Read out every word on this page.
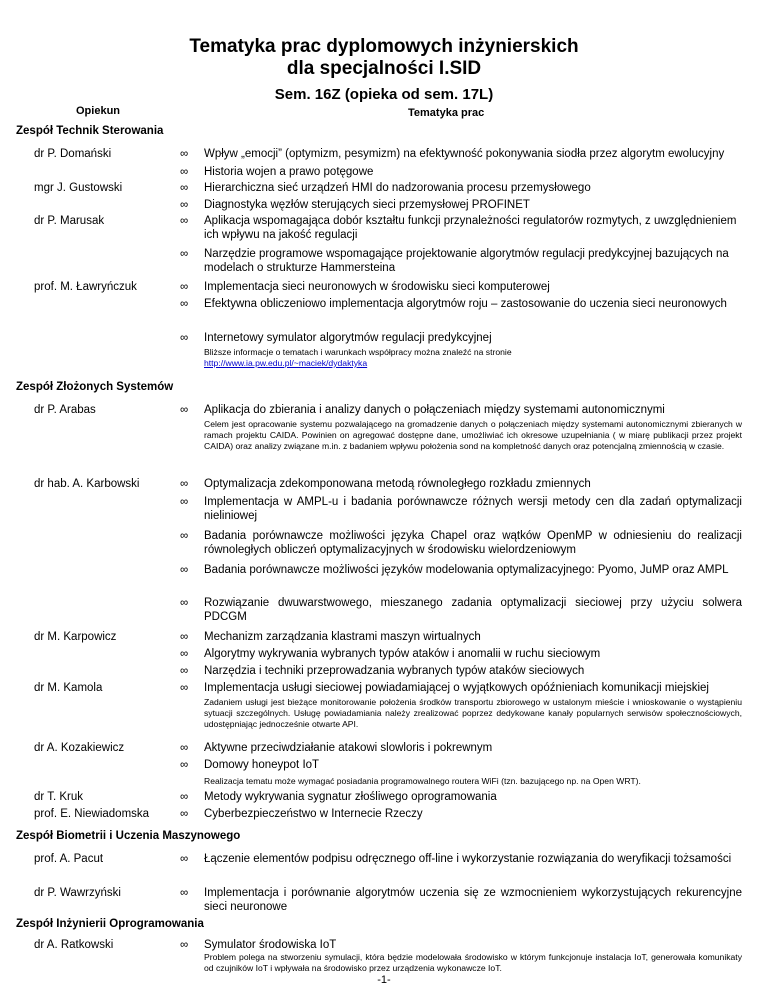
Tematyka prac dyplomowych inżynierskich
dla specjalności I.SID
Sem. 16Z (opieka od sem. 17L)
Opiekun	Tematyka prac
Zespół Technik Sterowania
dr P. Domański	∞ Wpływ „emocji” (optymizm, pesymizm) na efektywność pokonywania siodła przez algorytm ewolucyjny
∞ Historia wojen a prawo potęgowe
mgr J. Gustowski	∞ Hierarchiczna sieć urządzeń HMI do nadzorowania procesu przemysłowego
∞ Diagnostyka węzłów sterujących sieci przemysłowej PROFINET
dr P. Marusak	∞ Aplikacja wspomagająca dobór kształtu funkcji przynależności regulatorów rozmytych, z uwzględnieniem ich wpływu na jakość regulacji
∞ Narzędzie programowe wspomagające projektowanie algorytmów regulacji predykcyjnej bazujących na modelach o strukturze Hammersteina
prof. M. Ławryńczuk	∞ Implementacja sieci neuronowych w środowisku sieci komputerowej
∞ Efektywna obliczeniowo implementacja algorytmów roju – zastosowanie do uczenia sieci neuronowych
∞ Internetowy symulator algorytmów regulacji predykcyjnej
Bliższe informacje o tematach i warunkach współpracy można znaleźć na stronie
http://www.ia.pw.edu.pl/~maciek/dydaktyka
Zespół Złożonych Systemów
dr P. Arabas	∞ Aplikacja do zbierania i analizy danych o połączeniach między systemami autonomicznymi
Celem jest opracowanie systemu pozwalającego na gromadzenie danych o połączeniach między systemami autonomicznymi zbieranych w ramach projektu CAIDA. Powinien on agregować dostępne dane, umożliwiać ich okresowe uzupełniania ( w miarę publikacji przez projekt CAIDA) oraz analizy związane m.in. z badaniem wpływu położenia sond na kompletność danych oraz potencjalną zmiennością w czasie.
dr hab. A. Karbowski	∞ Optymalizacja zdekomponowana metodą równoległego rozkładu zmiennych
∞ Implementacja w AMPL-u i badania porównawcze różnych wersji metody cen dla zadań optymalizacji nieliniowej
∞ Badania porównawcze możliwości języka Chapel oraz wątków OpenMP w odniesieniu do realizacji równoległych obliczeń optymalizacyjnych w środowisku wielordzeniowym
∞ Badania porównawcze możliwości języków modelowania optymalizacyjnego: Pyomo, JuMP oraz AMPL
∞ Rozwiązanie dwuwarstwowego, mieszanego zadania optymalizacji sieciowej przy użyciu solwera PDCGM
dr M. Karpowicz	∞ Mechanizm zarządzania klastrami maszyn wirtualnych
∞ Algorytmy wykrywania wybranych typów ataków i anomalii w ruchu sieciowym
∞ Narzędzia i techniki przeprowadzania wybranych typów ataków sieciowych
dr M. Kamola	∞ Implementacja usługi sieciowej powiadamiającej o wyjątkowych opóźnieniach komunikacji miejskiej
Zadaniem usługi jest bieżące monitorowanie położenia środków transportu zbiorowego w ustalonym mieście i wnioskowanie o wystąpieniu sytuacji szczególnych. Usługę powiadamiania należy zrealizować poprzez dedykowane kanały popularnych serwisów społecznościowych, udostępniając jednocześnie otwarte API.
dr A. Kozakiewicz	∞ Aktywne przeciwdziałanie atakowi slowloris i pokrewnym
∞ Domowy honeypot IoT
Realizacja tematu może wymagać posiadania programowalnego routera WiFi (tzn. bazującego np. na Open WRT).
dr T. Kruk	∞ Metody wykrywania sygnatur złośliwego oprogramowania
prof. E. Niewiadomska	∞ Cyberbezpieczeństwo w Internecie Rzeczy
Zespół Biometrii i Uczenia Maszynowego
prof. A. Pacut	∞ Łączenie elementów podpisu odręcznego off-line i wykorzystanie rozwiązania do weryfikacji tożsamości
dr P. Wawrzyński	∞ Implementacja i porównanie algorytmów uczenia się ze wzmocnieniem wykorzystujących rekurencyjne sieci neuronowe
Zespół Inżynierii Oprogramowania
dr A. Ratkowski	∞ Symulator środowiska IoT
Problem polega na stworzeniu symulacji, która będzie modelowała środowisko w którym funkcjonuje instalacja IoT, generowała komunikaty od czujników IoT i wpływała na środowisko przez urządzenia wykonawcze IoT.
-1-
